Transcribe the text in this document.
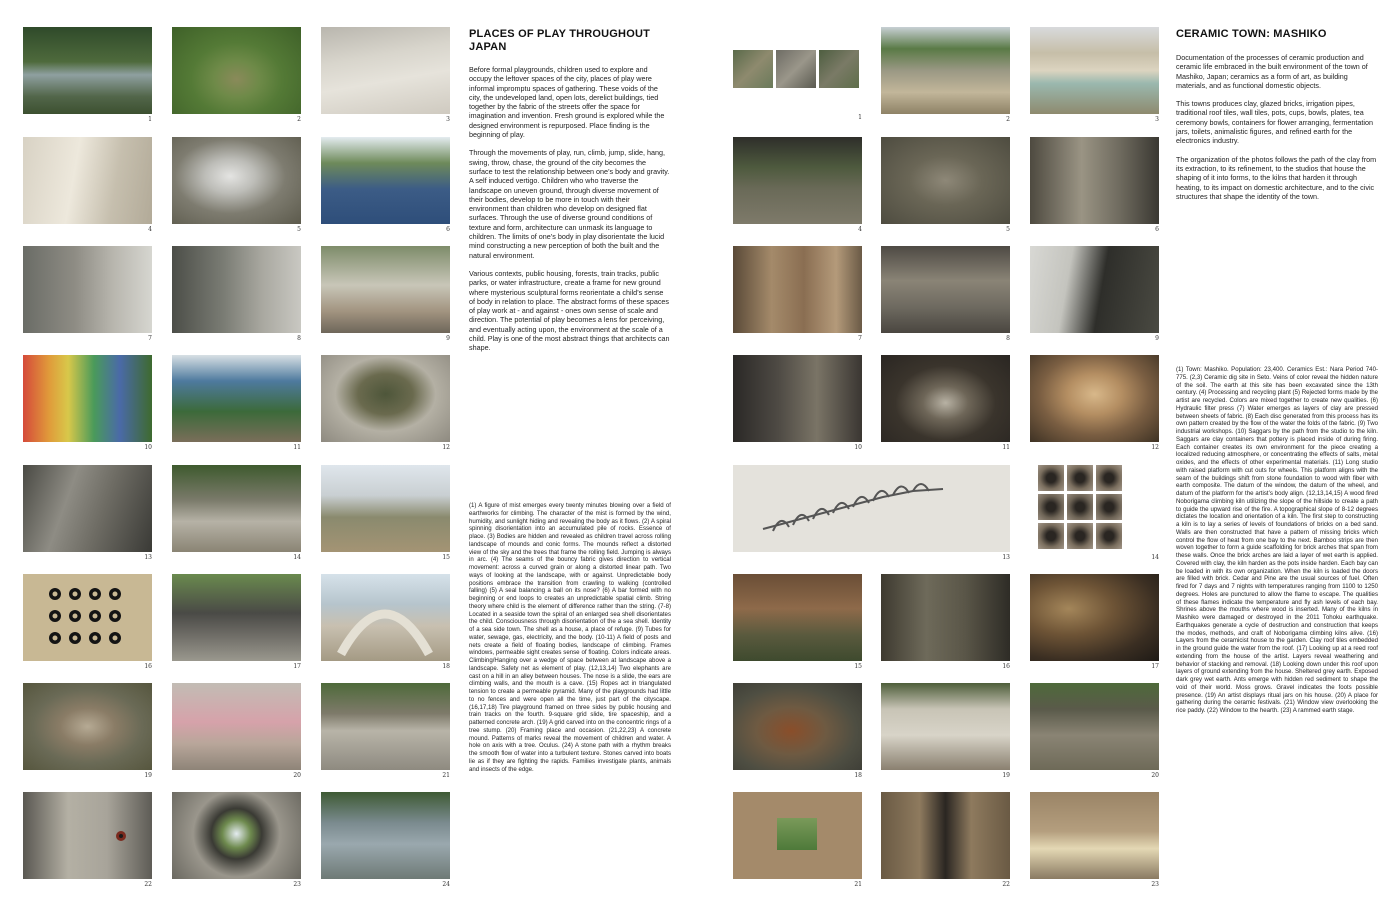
1	2	3
4	5	6
7	8	9
10	11	12
13	14	15
16	17	18
19	20	21
22	23	24
PLACES OF PLAY THROUGHOUT JAPAN

Before formal playgrounds, children used to explore and occupy the leftover spaces of the city, places of play were informal impromptu spaces of gathering. These voids of the city, the undeveloped land, open lots, derelict buildings, tied together by the fabric of the streets offer the space for imagination and invention. Fresh ground is explored while the designed environment is repurposed. Place finding is the beginning of play.

Through the movements of play, run, climb, jump, slide, hang, swing, throw, chase, the ground of the city becomes the surface to test the relationship between one’s body and gravity. A self induced vertigo. Children who who traverse the landscape on uneven ground, through diverse movement of their bodies, develop to be more in touch with their environment than children who develop on designed flat surfaces. Through the use of diverse ground conditions of texture and form, architecture can unmask its language to children. The limits of one’s body in play disorientate the lucid mind constructing a new perception of both the built and the natural environment.

Various contexts, public housing, forests, train tracks, public parks, or water infrastructure, create a frame for new ground where mysterious sculptural forms reorientate a child’s sense of body in relation to place. The abstract forms of these spaces of play work at - and against - ones own sense of scale and direction. The potential of play becomes a lens for perceiving, and eventually acting upon, the environment at the scale of a child. Play is one of the most abstract things that architects can shape.

(1) A figure of mist emerges every twenty minutes blowing over a field of earthworks for climbing. The character of the mist is formed by the wind, humidity, and sunlight hiding and revealing the body as it flows. (2) A spiral spinning disorientation into an accumulated pile of rocks. Essence of place. (3) Bodies are hidden and revealed as children travel across rolling landscape of mounds and conic forms. The mounds reflect a distorted view of the sky and the trees that frame the rolling field. Jumping is always in arc. (4) The seams of the bouncy fabric gives direction to vertical movement: across a curved grain or along a distorted linear path. Two ways of looking at the landscape, with or against. Unpredictable body positions embrace the transition from crawling to walking (controlled falling) (5) A seal balancing a ball on its nose? (6) A bar formed with no beginning or end loops to creates an unpredictable spatial climb. String theory where child is the element of difference rather than the string. (7-8) Located in a seaside town the spiral of an enlarged sea shell disorientates the child. Consciousness through disorientation of the a sea shell. Identity of a sea side town. The shell as a house, a place of refuge. (9) Tubes for water, sewage, gas, electricity, and the body. (10-11) A field of posts and nets create a field of floating bodies, landscape of climbing. Frames windows, permeable sight creates sense of floating. Colors indicate areas. Climbing/Hanging over a wedge of space between at landscape above a landscape. Safety net as element of play. (12,13,14) Two elephants are cast on a hill in an alley between houses. The nose is a slide, the ears are climbing walls, and the mouth is a cave. (15) Ropes act in triangulated tension to create a permeable pyramid. Many of the playgrounds had little to no fences and were open all the time, just part of the cityscape. (16,17,18) Tire playground framed on three sides by public housing and train tracks on the fourth. 9-square grid slide, tire spaceship, and a patterned concrete arch. (19) A grid carved into on the concentric rings of a tree stump. (20) Framing place and occasion. (21,22,23) A concrete mound. Patterns of marks reveal the movement of children and water. A hole on axis with a tree. Oculus. (24) A stone path with a rhythm breaks the smooth flow of water into a turbulent texture. Stones carved into boats lie as if they are fighting the rapids. Families investigate plants, animals and insects of the edge.

1	2	3
4	5	6
7	8	9
10	11	12
13	14
15	16	17
18	19	20
21	22	23
CERAMIC TOWN: MASHIKO

Documentation of the processes of ceramic production and ceramic life embraced in the built environment of the town of Mashiko, Japan; ceramics as a form of art, as building materials, and as functional domestic objects.

This towns produces clay, glazed bricks, irrigation pipes, traditional roof tiles, wall tiles, pots, cups, bowls, plates, tea ceremony bowls, containers for flower arranging, fermentation jars, toilets, animalistic figures, and refined earth for the electronics industry.

The organization of the photos follows the path of the clay from its extraction, to its refinement, to the studios that house the shaping of it into forms, to the kilns that harden it through heating, to its impact on domestic architecture, and to the civic structures that shape the identity of the town.

(1) Town: Mashiko. Population: 23,400. Ceramics Est.: Nara Period 740-775. (2,3) Ceramic dig site in Seto. Veins of color reveal the hidden nature of the soil. The earth at this site has been excavated since the 13th century. (4) Processing and recycling plant (5) Rejected forms made by the artist are recycled. Colors are mixed together to create new qualities. (6) Hydraulic filter press (7) Water emerges as layers of clay are pressed between sheets of fabric. (8) Each disc generated from this process has its own pattern created by the flow of the water the folds of the fabric. (9) Two industrial workshops. (10) Saggars by the path from the studio to the kiln. Saggars are clay containers that pottery is placed inside of during firing. Each container creates its own environment for the piece creating a localized reducing atmosphere, or concentrating the effects of salts, metal oxides, and the effects of other experimental materials. (11) Long studio with raised platform with cut outs for wheels. This platform aligns with the seam of the buildings shift from stone foundation to wood with fiber with earth composite. The datum of the window, the datum of the wheel, and datum of the platform for the artist’s body align. (12,13,14,15) A wood fired Noborigama climbing kiln utilizing the slope of the hillside to create a path to guide the upward rise of the fire. A topographical slope of 8-12 degrees dictates the location and orientation of a kiln. The first step to constructing a kiln is to lay a series of levels of foundations of bricks on a bed sand. Walls are then constructed that have a pattern of missing bricks which control the flow of heat from one bay to the next. Bamboo strips are then woven together to form a guide scaffolding for brick arches that span from these walls. Once the brick arches are laid a layer of wet earth is applied. Covered with clay, the kiln harden as the pots inside harden. Each bay can be loaded in with its own organization. When the kiln is loaded the doors are filled with brick. Cedar and Pine are the usual sources of fuel. Often fired for 7 days and 7 nights with temperatures ranging from 1100 to 1250 degrees. Holes are punctured to allow the flame to escape. The qualities of these flames indicate the temperature and fly ash levels of each bay. Shrines above the mouths where wood is inserted. Many of the kilns in Mashiko were damaged or destroyed in the 2011 Tohoku earthquake. Earthquakes generate a cycle of destruction and construction that keeps the modes, methods, and craft of Noborigama climbing kilns alive. (16) Layers from the ceramicist house to the garden. Clay roof tiles embedded in the ground guide the water from the roof. (17) Looking up at a reed roof extending from the house of the artist. Layers reveal weathering and behavior of stacking and removal. (18) Looking down under this roof upon layers of ground extending from the house. Sheltered grey earth. Exposed dark grey wet earth. Ants emerge with hidden red sediment to shape the void of their world. Moss grows. Gravel indicates the foots possible presence. (19) An artist displays ritual jars on his house. (20) A place for gathering during the ceramic festivals. (21) Window view overlooking the rice paddy. (22) Window to the hearth. (23) A rammed earth stage.
